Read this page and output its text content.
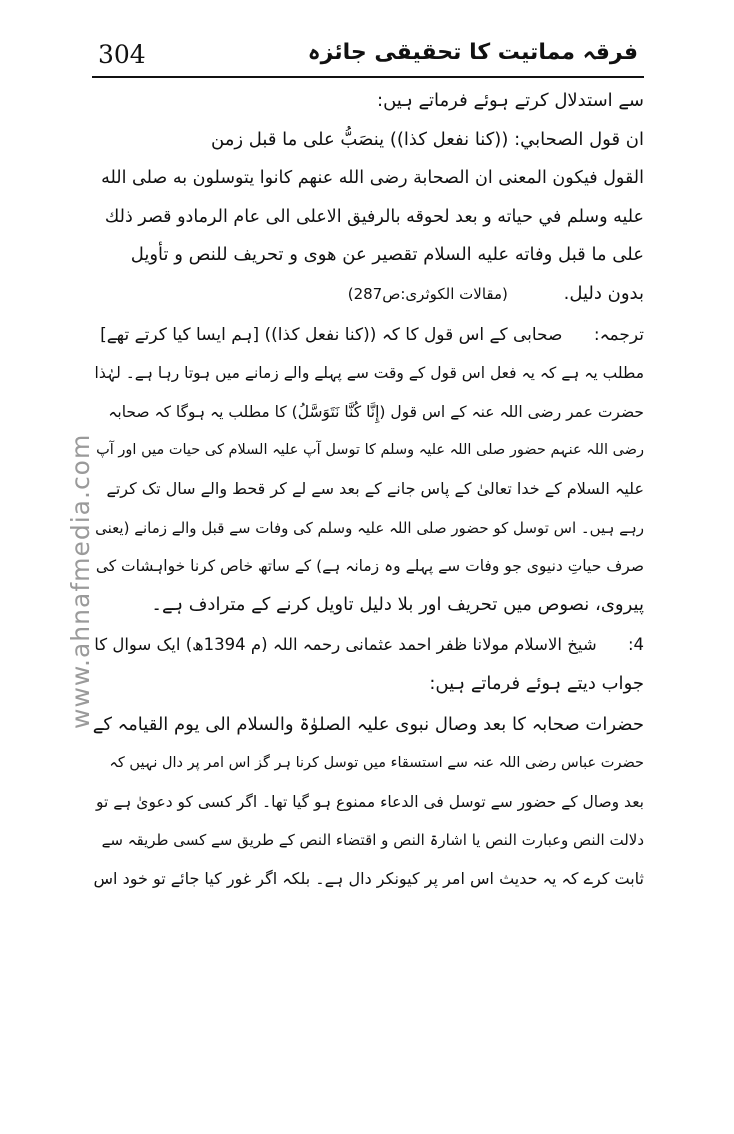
304	فرقہ مماتیت کا تحقیقی جائزہ
www.ahnafmedia.com
سے استدلال کرتے ہوئے فرماتے ہیں:
ان قول الصحابي: ((كنا نفعل كذا)) ينصَبُّ على ما قبل زمن
القول فيكون المعنى ان الصحابة رضى الله عنهم كانوا يتوسلون به صلى الله
عليه وسلم في حياته و بعد لحوقه بالرفيق الاعلى الى عام الرمادو قصر ذلك
على ما قبل وفاته عليه السلام تقصير عن هوى و تحريف للنص و تأويل
بدون دليل. (مقالات الکوثری:ص287)
ترجمہ: صحابی کے اس قول کا کہ ((كنا نفعل كذا)) [ہم ایسا کیا کرتے تھے]
مطلب یہ ہے کہ یہ فعل اس قول کے وقت سے پہلے والے زمانے میں ہوتا رہا ہے۔ لہٰذا
حضرت عمر رضی اللہ عنہ کے اس قول (إِنَّا كُنَّا نَتَوَسَّلُ) کا مطلب یہ ہوگا کہ صحابہ
رضی اللہ عنہم حضور صلی اللہ علیہ وسلم کا توسل آپ علیہ السلام کی حیات میں اور آپ
علیہ السلام کے خدا تعالیٰ کے پاس جانے کے بعد سے لے کر قحط والے سال تک کرتے
رہے ہیں۔ اس توسل کو حضور صلی اللہ علیہ وسلم کی وفات سے قبل والے زمانے (یعنی
صرف حیاتِ دنیوی جو وفات سے پہلے وہ زمانہ ہے) کے ساتھ خاص کرنا خواہشات کی
پیروی، نصوص میں تحریف اور بلا دلیل تاویل کرنے کے مترادف ہے۔
4: شیخ الاسلام مولانا ظفر احمد عثمانی رحمہ اللہ (م 1394ھ) ایک سوال کا
جواب دیتے ہوئے فرماتے ہیں:
حضرات صحابہ کا بعد وصال نبوی علیہ الصلوٰۃ والسلام الی یوم القیامہ کے
حضرت عباس رضی اللہ عنہ سے استسقاء میں توسل کرنا ہر گز اس امر پر دال نہیں کہ
بعد وصال کے حضور سے توسل فی الدعاء ممنوع ہو گیا تھا۔ اگر کسی کو دعویٰ ہے تو
دلالت النص وعبارت النص یا اشارۃ النص و اقتضاء النص کے طریق سے کسی طریقہ سے
ثابت کرے کہ یہ حدیث اس امر پر کیونکر دال ہے۔ بلکہ اگر غور کیا جائے تو خود اس
